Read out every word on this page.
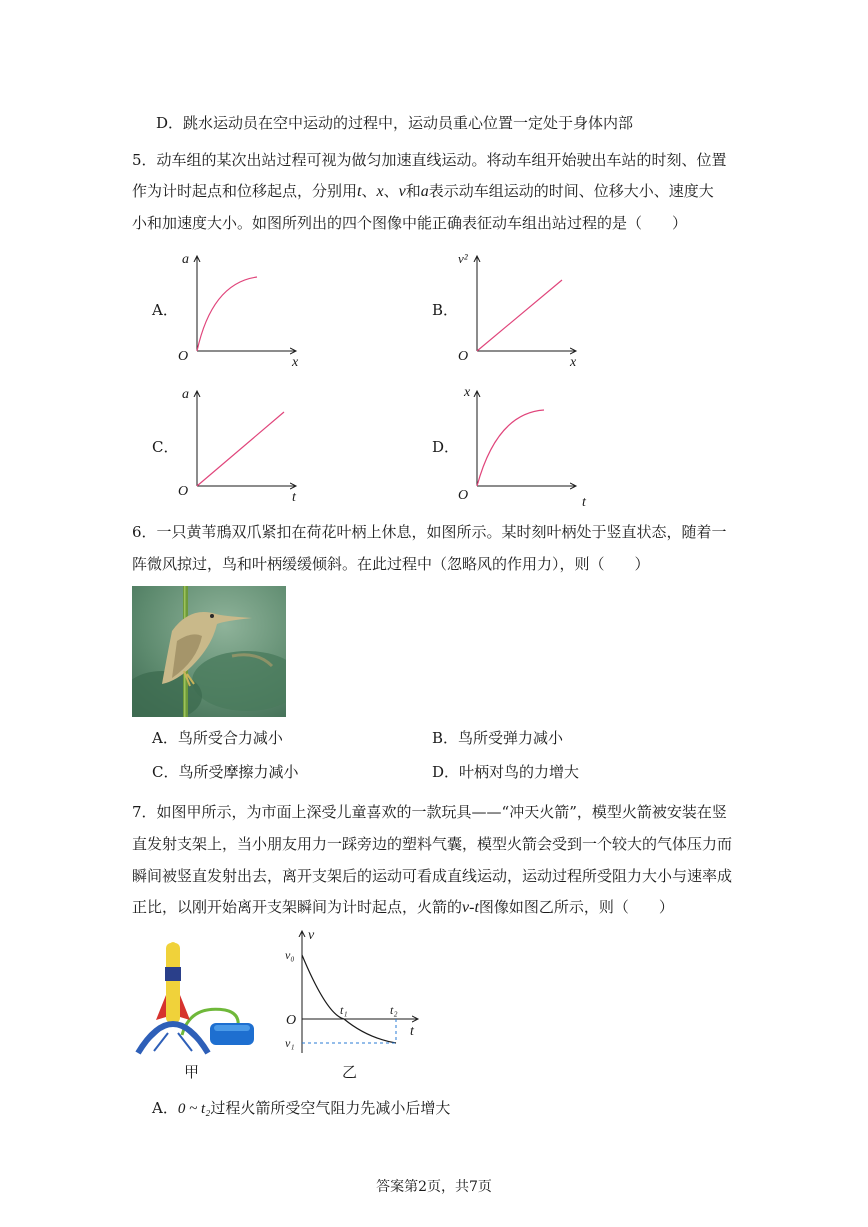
D．跳水运动员在空中运动的过程中，运动员重心位置一定处于身体内部
5．动车组的某次出站过程可视为做匀加速直线运动。将动车组开始驶出车站的时刻、位置
作为计时起点和位移起点，分别用t、x、v和a表示动车组运动的时间、位移大小、速度大
小和加速度大小。如图所列出的四个图像中能正确表征动车组出站过程的是（　　）
A．	B．
C．	D．
a
x
O
v²
x
O
a
t
O
x
t
O
6．一只黄苇鳽双爪紧扣在荷花叶柄上休息，如图所示。某时刻叶柄处于竖直状态，随着一
阵微风掠过，鸟和叶柄缓缓倾斜。在此过程中（忽略风的作用力），则（　　）
A．鸟所受合力减小	B．鸟所受弹力减小
C．鸟所受摩擦力减小	D．叶柄对鸟的力增大
7．如图甲所示，为市面上深受儿童喜欢的一款玩具——“冲天火箭”，模型火箭被安装在竖
直发射支架上，当小朋友用力一踩旁边的塑料气囊，模型火箭会受到一个较大的气体压力而
瞬间被竖直发射出去，离开支架后的运动可看成直线运动，运动过程所受阻力大小与速率成
正比，以刚开始离开支架瞬间为计时起点，火箭的v-t图像如图乙所示，则（　　）
甲
v
t
O
v₀
v₁
t₁	t₂
乙
A．0 ~ t₂过程火箭所受空气阻力先减小后增大
答案第2页，共7页
